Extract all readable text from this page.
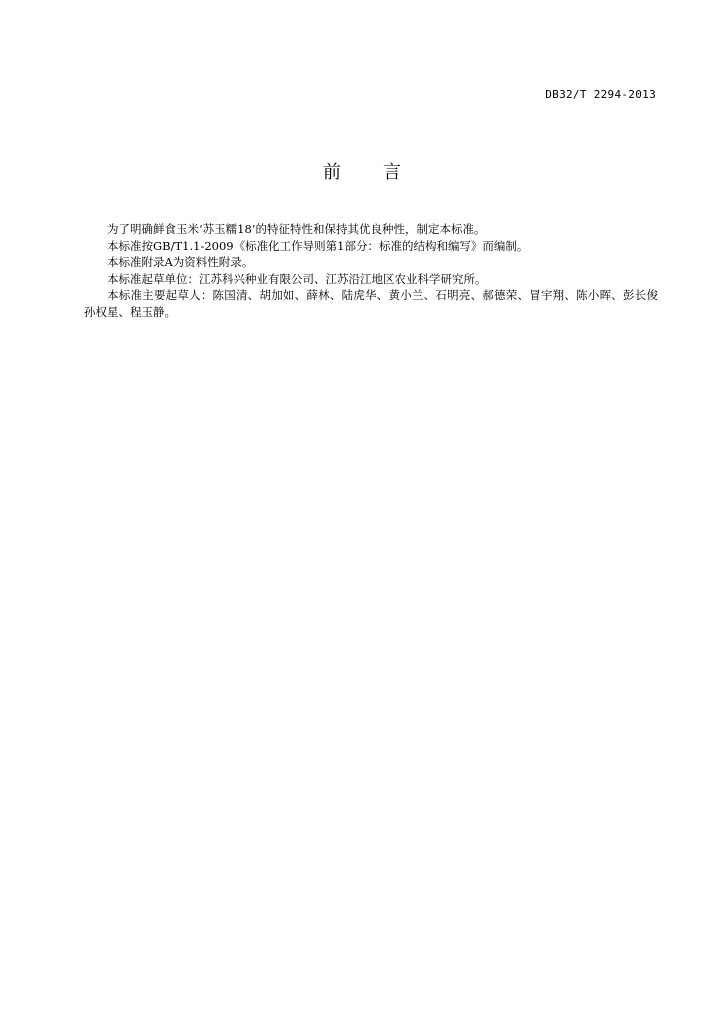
DB32/T 2294-2013
前言

为了明确鲜食玉米‘苏玉糯18’的特征特性和保持其优良种性，制定本标准。

本标准按GB/T1.1-2009《标准化工作导则第1部分：标准的结构和编写》而编制。

本标准附录A为资料性附录。

本标准起草单位：江苏科兴种业有限公司、江苏沿江地区农业科学研究所。

本标准主要起草人：陈国清、胡加如、薛林、陆虎华、黄小兰、石明亮、郝德荣、冒宇翔、陈小晖、彭长俊孙权星、程玉静。
